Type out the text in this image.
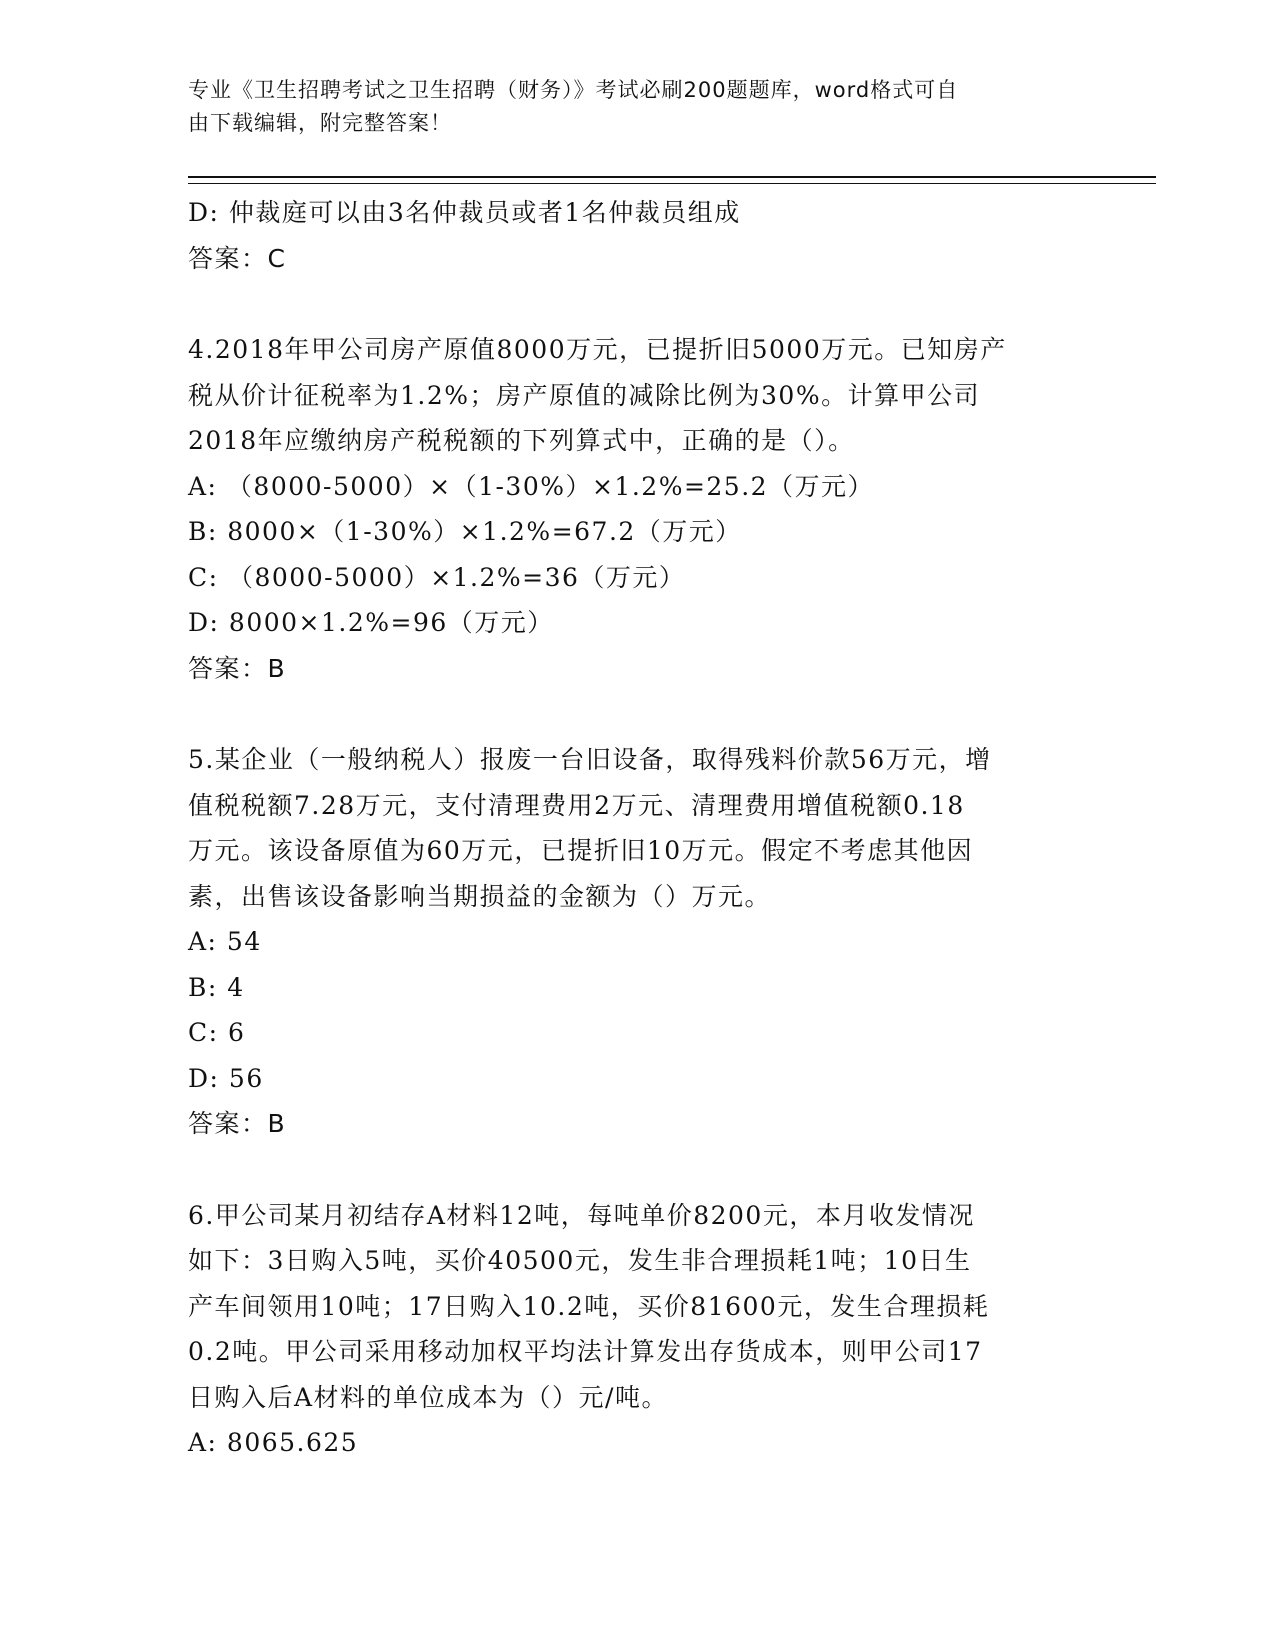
专业《卫生招聘考试之卫生招聘（财务）》考试必刷200题题库，word格式可自
由下载编辑，附完整答案！
D: 仲裁庭可以由3名仲裁员或者1名仲裁员组成
答案：C
4.2018年甲公司房产原值8000万元，已提折旧5000万元。已知房产
税从价计征税率为1.2%；房产原值的减除比例为30%。计算甲公司
2018年应缴纳房产税税额的下列算式中，正确的是（）。
A: （8000-5000）×（1-30%）×1.2%=25.2（万元）
B: 8000×（1-30%）×1.2%=67.2（万元）
C: （8000-5000）×1.2%=36（万元）
D: 8000×1.2%=96（万元）
答案：B
5.某企业（一般纳税人）报废一台旧设备，取得残料价款56万元，增
值税税额7.28万元，支付清理费用2万元、清理费用增值税额0.18
万元。该设备原值为60万元，已提折旧10万元。假定不考虑其他因
素，出售该设备影响当期损益的金额为（）万元。
A: 54
B: 4
C: 6
D: 56
答案：B
6.甲公司某月初结存A材料12吨，每吨单价8200元，本月收发情况
如下：3日购入5吨，买价40500元，发生非合理损耗1吨；10日生
产车间领用10吨；17日购入10.2吨，买价81600元，发生合理损耗
0.2吨。甲公司采用移动加权平均法计算发出存货成本，则甲公司17
日购入后A材料的单位成本为（）元/吨。
A: 8065.625
